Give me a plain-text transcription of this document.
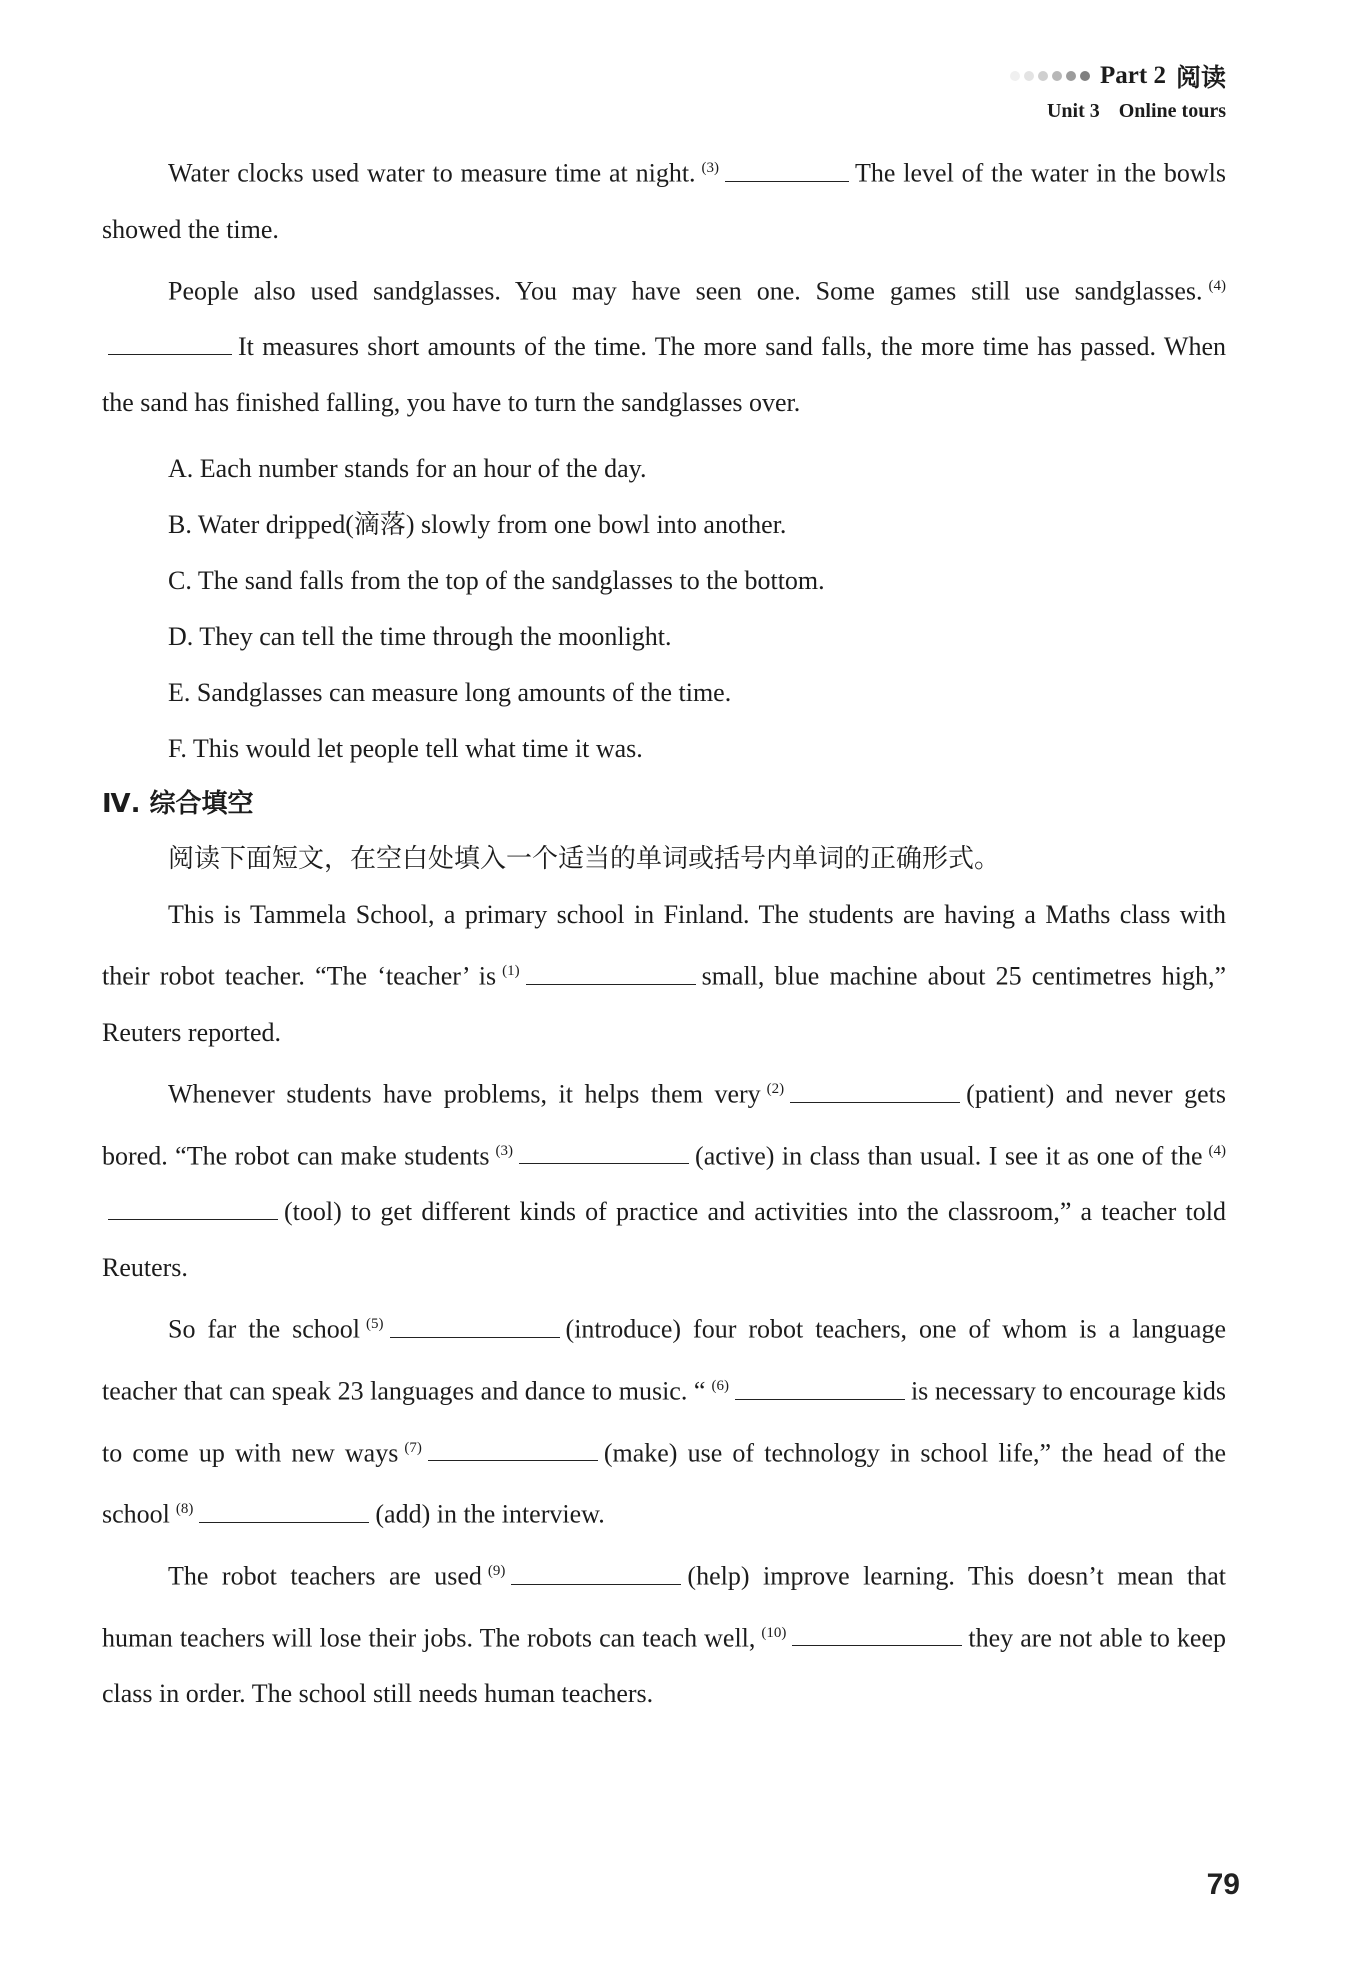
Part 2 阅读
Unit 3 Online tours

Water clocks used water to measure time at night. $^{(3)}$	The level of the water in the bowls showed the time.

People also used sandglasses. You may have seen one. Some games still use sandglasses. $^{(4)}$It measures short amounts of the time. The more sand falls, the more time has passed. When the sand has finished falling, you have to turn the sandglasses over.

A. Each number stands for an hour of the day.

B. Water dripped(滴落) slowly from one bowl into another.

C. The sand falls from the top of the sandglasses to the bottom.

D. They can tell the time through the moonlight.

E. Sandglasses can measure long amounts of the time.

F. This would let people tell what time it was.

Ⅳ. 综合填空

阅读下面短文，在空白处填入一个适当的单词或括号内单词的正确形式。

This is Tammela School, a primary school in Finland. The students are having a Maths class with their robot teacher. “The ‘teacher’ is $^{(1)}$	small, blue machine about 25 centimetres high,” Reuters reported.

Whenever students have problems, it helps them very $^{(2)}$	(patient) and never gets bored. “The robot can make students $^{(3)}$	(active) in class than usual. I see it as one of the $^{(4)}$(tool) to get different kinds of practice and activities into the classroom,” a teacher told Reuters.

So far the school $^{(5)}$	(introduce) four robot teachers, one of whom is a language teacher that can speak 23 languages and dance to music. “ $^{(6)}$	is necessary to encourage kids to come up with new ways $^{(7)}$	(make) use of technology in school life,” the head of the school $^{(8)}$	(add) in the interview.

The robot teachers are used $^{(9)}$	(help) improve learning. This doesn’t mean that human teachers will lose their jobs. The robots can teach well, $^{(10)}$	they are not able to keep class in order. The school still needs human teachers.

79
